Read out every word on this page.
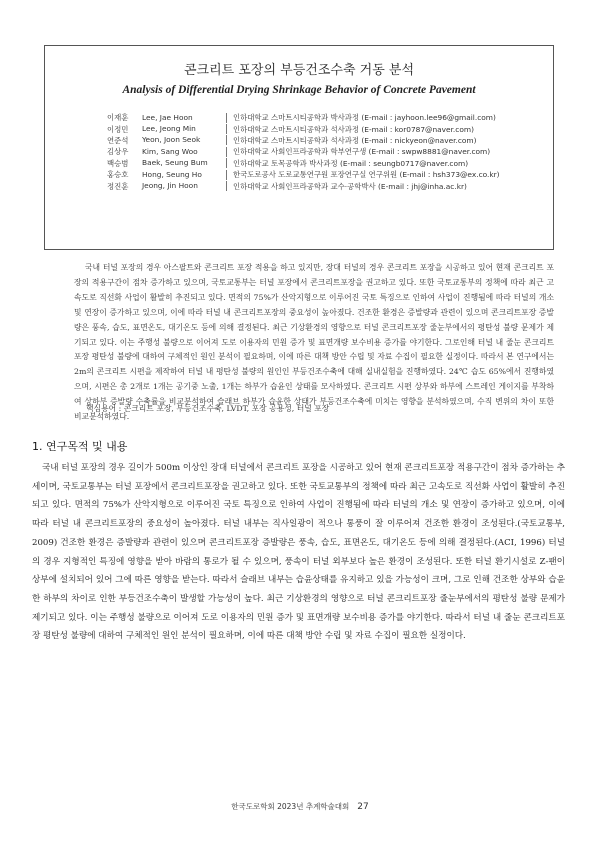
콘크리트 포장의 부등건조수축 거동 분석
Analysis of Differential Drying Shrinkage Behavior of Concrete Pavement
이재훈	Lee, Jae Hoon	인하대학교 스마트시티공학과 박사과정 (E-mail : jayhoon.lee96@gmail.com)
이정민	Lee, Jeong Min	인하대학교 스마트시티공학과 석사과정 (E-mail : kor0787@naver.com)
연준석	Yeon, Joon Seok	인하대학교 스마트시티공학과 석사과정 (E-mail : nickyeon@naver.com)
김상우	Kim, Sang Woo	인하대학교 사회인프라공학과 학부연구생 (E-mail : swpw8881@naver.com)
백승범	Baek, Seung Bum	인하대학교 토목공학과 박사과정 (E-mail : seungb0717@naver.com)
홍승호	Hong, Seung Ho	한국도로공사 도로교통연구원 포장연구실 연구위원 (E-mail : hsh373@ex.co.kr)
정진훈	Jeong, Jin Hoon	인하대학교 사회인프라공학과 교수·공학박사 (E-mail : jhj@inha.ac.kr)

국내 터널 포장의 경우 아스팔트와 콘크리트 포장 적용을 하고 있지만, 장대 터널의 경우 콘크리트 포장을 시공하고 있어 현재 콘크리트 포장의 적용구간이 점차 증가하고 있으며, 국토교통부는 터널 포장에서 콘크리트포장을 권고하고 있다. 또한 국토교통부의 정책에 따라 최근 고속도로 직선화 사업이 활발히 추진되고 있다. 면적의 75%가 산악지형으로 이루어진 국토 특징으로 인하여 사업이 진행됨에 따라 터널의 개소 및 연장이 증가하고 있으며, 이에 따라 터널 내 콘크리트포장의 중요성이 높아졌다. 건조한 환경은 증발량과 관련이 있으며 콘크리트포장 증발량은 풍속, 습도, 표면온도, 대기온도 등에 의해 결정된다. 최근 기상환경의 영향으로 터널 콘크리트포장 줄눈부에서의 평탄성 불량 문제가 제기되고 있다. 이는 주행성 불량으로 이어져 도로 이용자의 민원 증가 및 표면개량 보수비용 증가를 야기한다. 그로인해 터널 내 줄눈 콘크리트포장 평탄성 불량에 대하여 구체적인 원인 분석이 필요하며, 이에 따른 대책 방안 수립 및 자료 수집이 필요한 실정이다. 따라서 본 연구에서는 2m의 콘크리트 시편을 제작하여 터널 내 평탄성 불량의 원인인 부등건조수축에 대해 실내실험을 진행하였다. 24℃ 습도 65%에서 진행하였으며, 시편은 총 2개로 1개는 공기중 노출, 1개는 하부가 습윤인 상태를 모사하였다. 콘크리트 시편 상부와 하부에 스트레인 게이지를 부착하여 상하부 증발량 수축률을 비교분석하여 슬래브 하부가 습윤한 상태가 부등건조수축에 미치는 영향을 분석하였으며, 수직 변위의 차이 또한 비교분석하였다.

핵심용어 : 콘크리트 포장, 부등건조수축, LVDT, 포장 공용성, 터널 포장
1. 연구목적 및 내용

국내 터널 포장의 경우 길이가 500m 이상인 장대 터널에서 콘크리트 포장을 시공하고 있어 현재 콘크리트포장 적용구간이 점차 증가하는 추세이며, 국토교통부는 터널 포장에서 콘크리트포장을 권고하고 있다. 또한 국토교통부의 정책에 따라 최근 고속도로 직선화 사업이 활발히 추진되고 있다. 면적의 75%가 산악지형으로 이루어진 국토 특징으로 인하여 사업이 진행됨에 따라 터널의 개소 및 연장이 증가하고 있으며, 이에 따라 터널 내 콘크리트포장의 중요성이 높아졌다. 터널 내부는 직사일광이 적으나 통풍이 잘 이루어져 건조한 환경이 조성된다.(국토교통부, 2009) 건조한 환경은 증발량과 관련이 있으며 콘크리트포장 증발량은 풍속, 습도, 표면온도, 대기온도 등에 의해 결정된다.(ACI, 1996) 터널의 경우 지형적인 특징에 영향을 받아 바람의 통로가 될 수 있으며, 풍속이 터널 외부보다 높은 환경이 조성된다. 또한 터널 환기시설로 Z-팬이 상부에 설치되어 있어 그에 따른 영향을 받는다. 따라서 슬래브 내부는 습윤상태를 유지하고 있을 가능성이 크며, 그로 인해 건조한 상부와 습윤한 하부의 차이로 인한 부등건조수축이 발생할 가능성이 높다. 최근 기상환경의 영향으로 터널 콘크리트포장 줄눈부에서의 평탄성 불량 문제가 제기되고 있다. 이는 주행성 불량으로 이어져 도로 이용자의 민원 증가 및 표면개량 보수비용 증가를 야기한다. 따라서 터널 내 줄눈 콘크리트포장 평탄성 불량에 대하여 구체적인 원인 분석이 필요하며, 이에 따른 대책 방안 수립 및 자료 수집이 필요한 실정이다.

한국도로학회 2023년 추계학술대회 27
